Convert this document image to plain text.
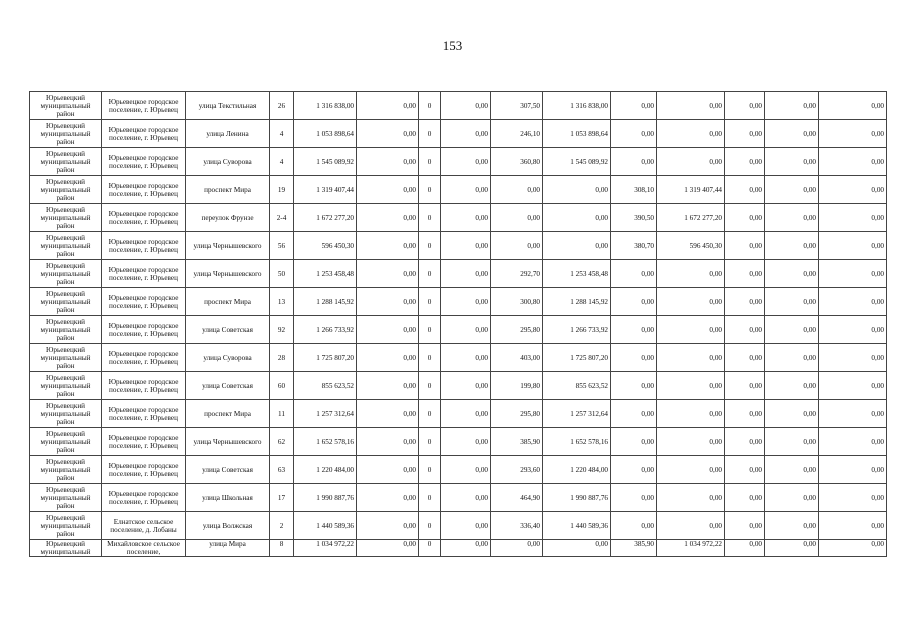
153
Юрьевецкий муниципальный район	Юрьевецкое городское поселение, г. Юрьевец	улица Текстильная	26	1 316 838,00	0,00	0	0,00	307,50	1 316 838,00	0,00	0,00	0,00	0,00	0,00
Юрьевецкий муниципальный район	Юрьевецкое городское поселение, г. Юрьевец	улица Ленина	4	1 053 898,64	0,00	0	0,00	246,10	1 053 898,64	0,00	0,00	0,00	0,00	0,00
Юрьевецкий муниципальный район	Юрьевецкое городское поселение, г. Юрьевец	улица Суворова	4	1 545 089,92	0,00	0	0,00	360,80	1 545 089,92	0,00	0,00	0,00	0,00	0,00
Юрьевецкий муниципальный район	Юрьевецкое городское поселение, г. Юрьевец	проспект Мира	19	1 319 407,44	0,00	0	0,00	0,00	0,00	308,10	1 319 407,44	0,00	0,00	0,00
Юрьевецкий муниципальный район	Юрьевецкое городское поселение, г. Юрьевец	переулок Фрунзе	2-4	1 672 277,20	0,00	0	0,00	0,00	0,00	390,50	1 672 277,20	0,00	0,00	0,00
Юрьевецкий муниципальный район	Юрьевецкое городское поселение, г. Юрьевец	улица Чернышевского	56	596 450,30	0,00	0	0,00	0,00	0,00	380,70	596 450,30	0,00	0,00	0,00
Юрьевецкий муниципальный район	Юрьевецкое городское поселение, г. Юрьевец	улица Чернышевского	50	1 253 458,48	0,00	0	0,00	292,70	1 253 458,48	0,00	0,00	0,00	0,00	0,00
Юрьевецкий муниципальный район	Юрьевецкое городское поселение, г. Юрьевец	проспект Мира	13	1 288 145,92	0,00	0	0,00	300,80	1 288 145,92	0,00	0,00	0,00	0,00	0,00
Юрьевецкий муниципальный район	Юрьевецкое городское поселение, г. Юрьевец	улица Советская	92	1 266 733,92	0,00	0	0,00	295,80	1 266 733,92	0,00	0,00	0,00	0,00	0,00
Юрьевецкий муниципальный район	Юрьевецкое городское поселение, г. Юрьевец	улица Суворова	28	1 725 807,20	0,00	0	0,00	403,00	1 725 807,20	0,00	0,00	0,00	0,00	0,00
Юрьевецкий муниципальный район	Юрьевецкое городское поселение, г. Юрьевец	улица Советская	60	855 623,52	0,00	0	0,00	199,80	855 623,52	0,00	0,00	0,00	0,00	0,00
Юрьевецкий муниципальный район	Юрьевецкое городское поселение, г. Юрьевец	проспект Мира	11	1 257 312,64	0,00	0	0,00	295,80	1 257 312,64	0,00	0,00	0,00	0,00	0,00
Юрьевецкий муниципальный район	Юрьевецкое городское поселение, г. Юрьевец	улица Чернышевского	62	1 652 578,16	0,00	0	0,00	385,90	1 652 578,16	0,00	0,00	0,00	0,00	0,00
Юрьевецкий муниципальный район	Юрьевецкое городское поселение, г. Юрьевец	улица Советская	63	1 220 484,00	0,00	0	0,00	293,60	1 220 484,00	0,00	0,00	0,00	0,00	0,00
Юрьевецкий муниципальный район	Юрьевецкое городское поселение, г. Юрьевец	улица Школьная	17	1 990 887,76	0,00	0	0,00	464,90	1 990 887,76	0,00	0,00	0,00	0,00	0,00
Юрьевецкий муниципальный район	Елнатское сельское поселение, д. Лобаны	улица Волжская	2	1 440 589,36	0,00	0	0,00	336,40	1 440 589,36	0,00	0,00	0,00	0,00	0,00
Юрьевецкий муниципальный	Михайловское сельское поселение,	улица Мира	8	1 034 972,22	0,00	0	0,00	0,00	0,00	385,90	1 034 972,22	0,00	0,00	0,00
